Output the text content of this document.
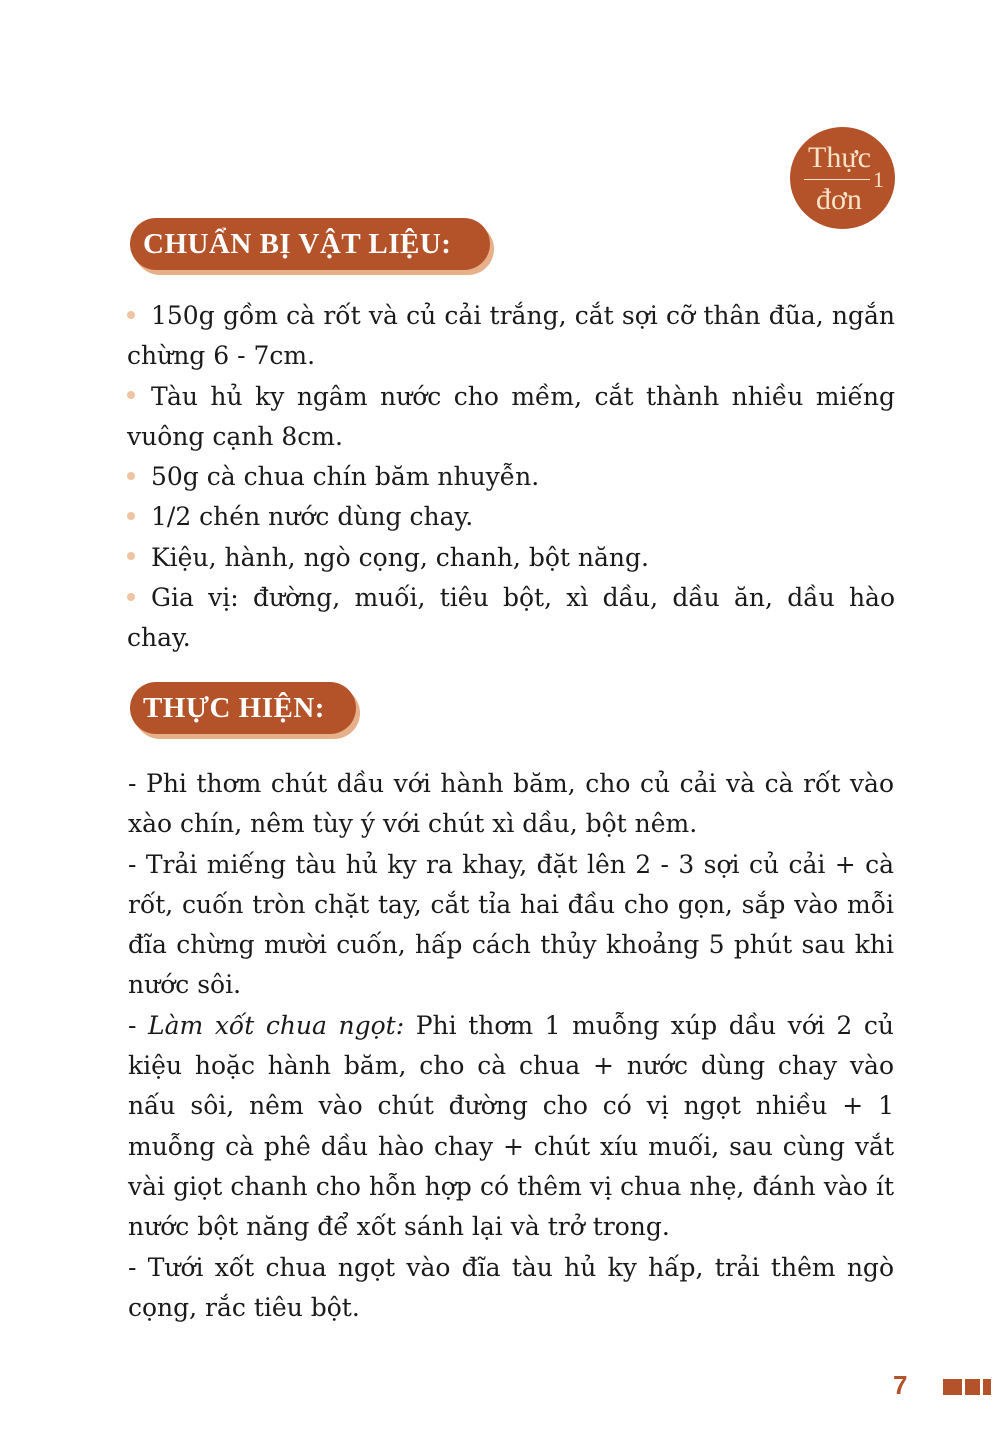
Thực
đơn
1
CHUẨN BỊ VẬT LIỆU:

150g gồm cà rốt và củ cải trắng, cắt sợi cỡ thân đũa, ngắn chừng 6 - 7cm.

Tàu hủ ky ngâm nước cho mềm, cắt thành nhiều miếng vuông cạnh 8cm.

50g cà chua chín băm nhuyễn.

1/2 chén nước dùng chay.

Kiệu, hành, ngò cọng, chanh, bột năng.

Gia vị: đường, muối, tiêu bột, xì dầu, dầu ăn, dầu hào chay.

THỰC HIỆN:

- Phi thơm chút dầu với hành băm, cho củ cải và cà rốt vào xào chín, nêm tùy ý với chút xì dầu, bột nêm.

- Trải miếng tàu hủ ky ra khay, đặt lên 2 - 3 sợi củ cải + cà rốt, cuốn tròn chặt tay, cắt tỉa hai đầu cho gọn, sắp vào mỗi đĩa chừng mười cuốn, hấp cách thủy khoảng 5 phút sau khi nước sôi.

- Làm xốt chua ngọt: Phi thơm 1 muỗng xúp dầu với 2 củ kiệu hoặc hành băm, cho cà chua + nước dùng chay vào nấu sôi, nêm vào chút đường cho có vị ngọt nhiều + 1 muỗng cà phê dầu hào chay + chút xíu muối, sau cùng vắt vài giọt chanh cho hỗn hợp có thêm vị chua nhẹ, đánh vào ít nước bột năng để xốt sánh lại và trở trong.

- Tưới xốt chua ngọt vào đĩa tàu hủ ky hấp, trải thêm ngò cọng, rắc tiêu bột.

7
